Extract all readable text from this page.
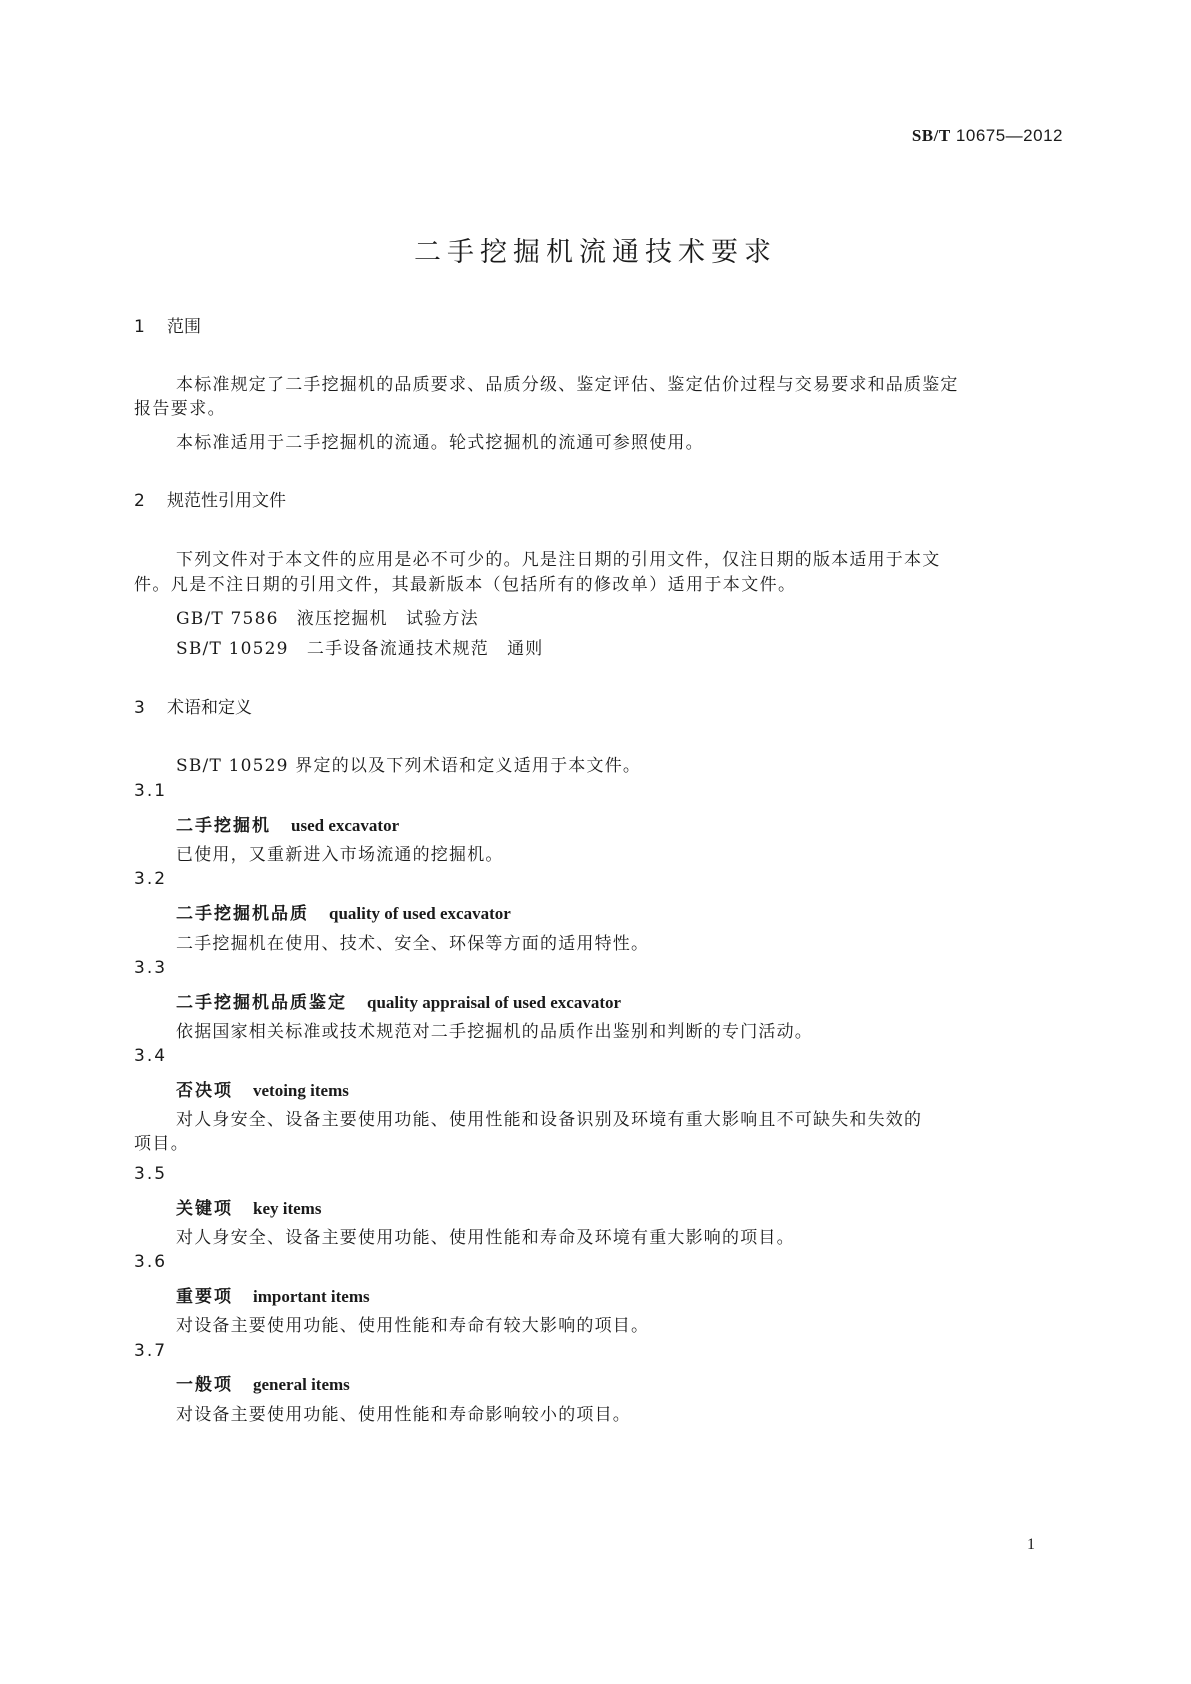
SB/T 10675—2012
二手挖掘机流通技术要求
1 范围
本标准规定了二手挖掘机的品质要求、品质分级、鉴定评估、鉴定估价过程与交易要求和品质鉴定
报告要求。
本标准适用于二手挖掘机的流通。轮式挖掘机的流通可参照使用。
2 规范性引用文件
下列文件对于本文件的应用是必不可少的。凡是注日期的引用文件，仅注日期的版本适用于本文
件。凡是不注日期的引用文件，其最新版本（包括所有的修改单）适用于本文件。
GB/T 7586　液压挖掘机　试验方法
SB/T 10529　二手设备流通技术规范　通则
3 术语和定义
SB/T 10529 界定的以及下列术语和定义适用于本文件。
3.1
二手挖掘机 used excavator
已使用，又重新进入市场流通的挖掘机。
3.2
二手挖掘机品质 quality of used excavator
二手挖掘机在使用、技术、安全、环保等方面的适用特性。
3.3
二手挖掘机品质鉴定 quality appraisal of used excavator
依据国家相关标准或技术规范对二手挖掘机的品质作出鉴别和判断的专门活动。
3.4
否决项 vetoing items
对人身安全、设备主要使用功能、使用性能和设备识别及环境有重大影响且不可缺失和失效的
项目。
3.5
关键项 key items
对人身安全、设备主要使用功能、使用性能和寿命及环境有重大影响的项目。
3.6
重要项 important items
对设备主要使用功能、使用性能和寿命有较大影响的项目。
3.7
一般项 general items
对设备主要使用功能、使用性能和寿命影响较小的项目。
1
